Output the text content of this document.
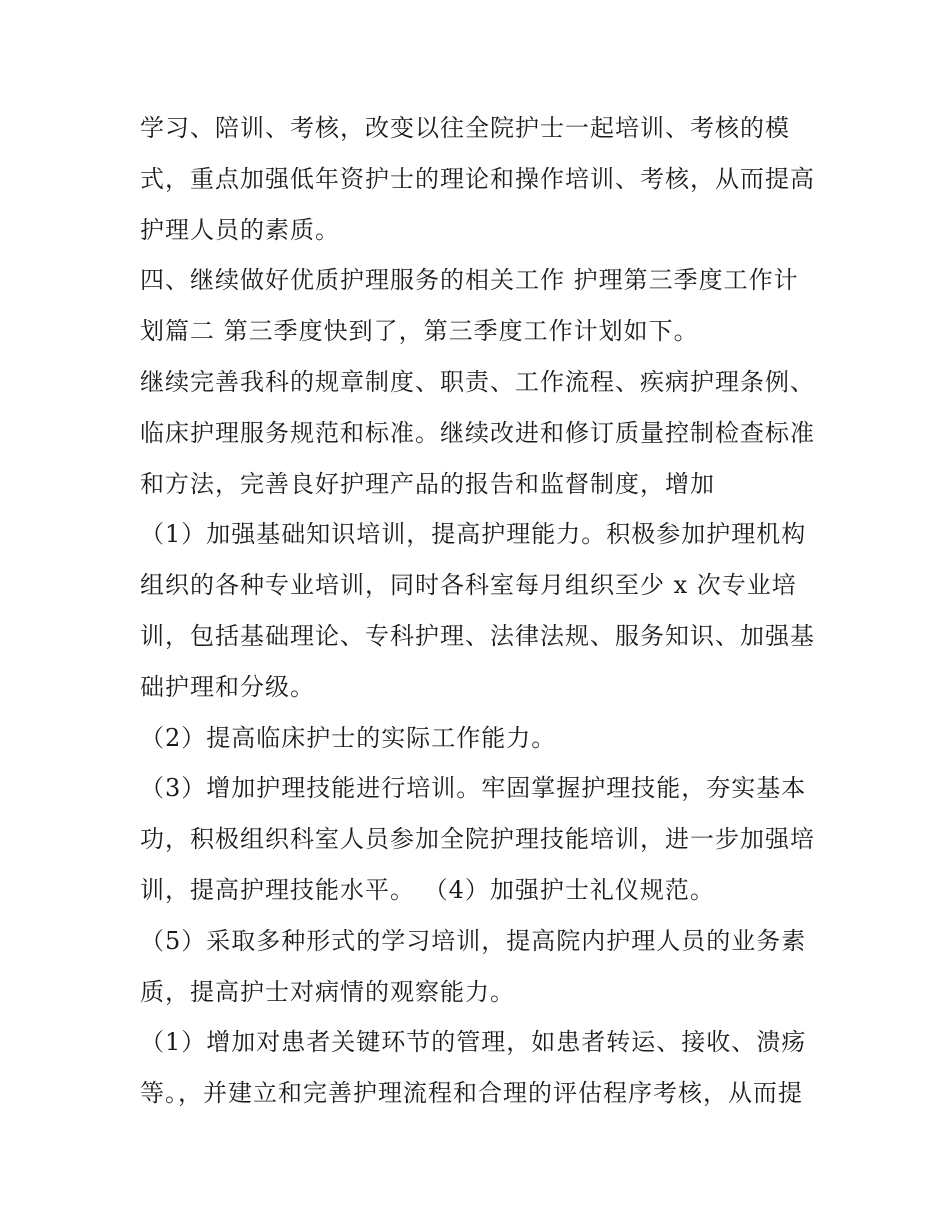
学习、陪训、考核，改变以往全院护士一起培训、考核的模
式，重点加强低年资护士的理论和操作培训、考核，从而提高
护理人员的素质。
四、继续做好优质护理服务的相关工作 护理第三季度工作计
划篇二 第三季度快到了，第三季度工作计划如下。
继续完善我科的规章制度、职责、工作流程、疾病护理条例、
临床护理服务规范和标准。继续改进和修订质量控制检查标准
和方法，完善良好护理产品的报告和监督制度，增加
（1）加强基础知识培训，提高护理能力。积极参加护理机构
组织的各种专业培训，同时各科室每月组织至少 x 次专业培
训，包括基础理论、专科护理、法律法规、服务知识、加强基
础护理和分级。
（2）提高临床护士的实际工作能力。
（3）增加护理技能进行培训。牢固掌握护理技能，夯实基本
功，积极组织科室人员参加全院护理技能培训，进一步加强培
训，提高护理技能水平。 （4）加强护士礼仪规范。
（5）采取多种形式的学习培训，提高院内护理人员的业务素
质，提高护士对病情的观察能力。
（1）增加对患者关键环节的管理，如患者转运、接收、溃疡
等。，并建立和完善护理流程和合理的评估程序考核，从而提
